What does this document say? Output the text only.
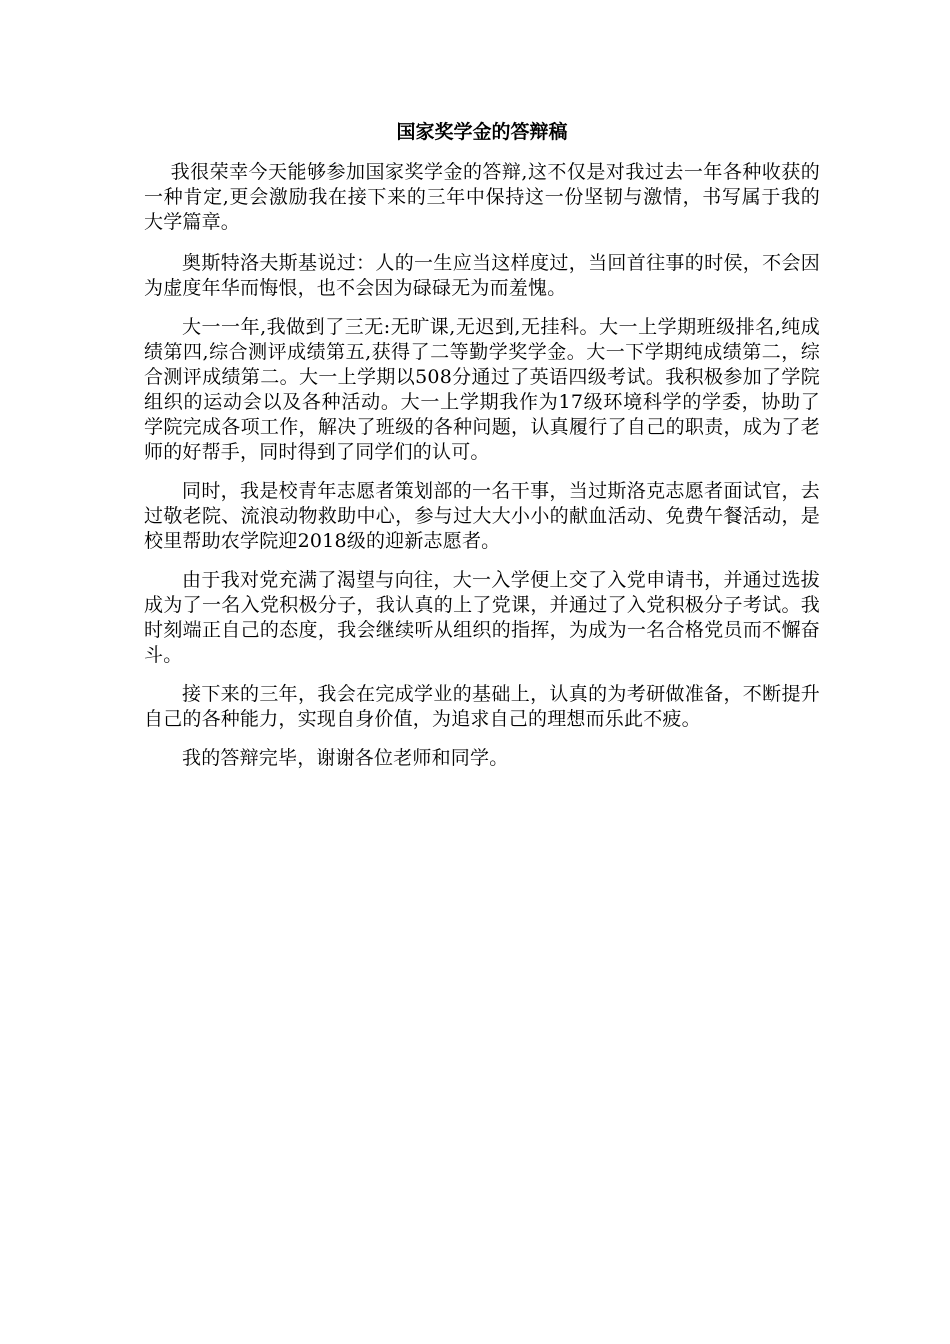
国家奖学金的答辩稿

我很荣幸今天能够参加国家奖学金的答辩,这不仅是对我过去一年各种收获的一种肯定,更会激励我在接下来的三年中保持这一份坚韧与激情，书写属于我的大学篇章。

奥斯特洛夫斯基说过：人的一生应当这样度过，当回首往事的时侯，不会因为虚度年华而悔恨，也不会因为碌碌无为而羞愧。

大一一年,我做到了三无:无旷课,无迟到,无挂科。大一上学期班级排名,纯成绩第四,综合测评成绩第五,获得了二等勤学奖学金。大一下学期纯成绩第二，综合测评成绩第二。大一上学期以508分通过了英语四级考试。我积极参加了学院组织的运动会以及各种活动。大一上学期我作为17级环境科学的学委，协助了学院完成各项工作，解决了班级的各种问题，认真履行了自己的职责，成为了老师的好帮手，同时得到了同学们的认可。

同时，我是校青年志愿者策划部的一名干事，当过斯洛克志愿者面试官，去过敬老院、流浪动物救助中心，参与过大大小小的献血活动、免费午餐活动，是校里帮助农学院迎2018级的迎新志愿者。

由于我对党充满了渴望与向往，大一入学便上交了入党申请书，并通过选拔成为了一名入党积极分子，我认真的上了党课，并通过了入党积极分子考试。我时刻端正自己的态度，我会继续听从组织的指挥，为成为一名合格党员而不懈奋斗。

接下来的三年，我会在完成学业的基础上，认真的为考研做准备，不断提升自己的各种能力，实现自身价值，为追求自己的理想而乐此不疲。

我的答辩完毕，谢谢各位老师和同学。
